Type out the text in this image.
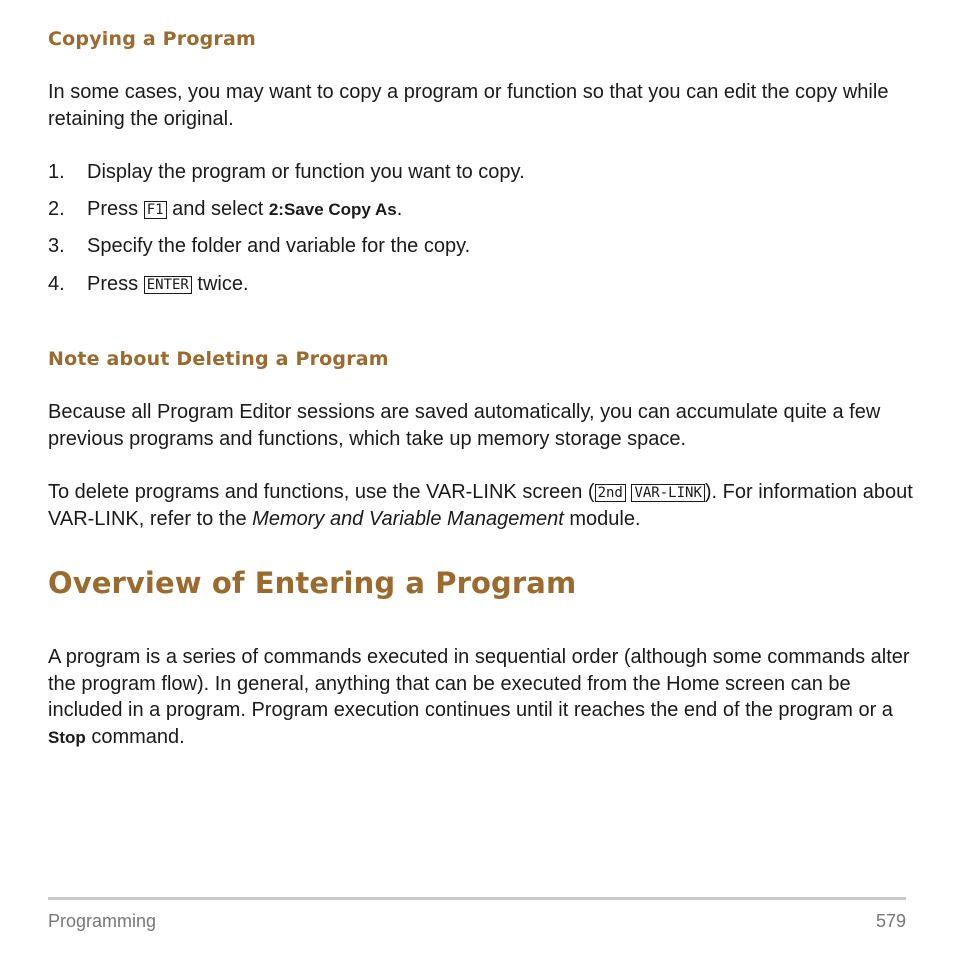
Copying a Program

In some cases, you may want to copy a program or function so that you can edit the copy while retaining the original.

1. Display the program or function you want to copy.
2. Press F1 and select 2:Save Copy As.
3. Specify the folder and variable for the copy.
4. Press ENTER twice.
Note about Deleting a Program

Because all Program Editor sessions are saved automatically, you can accumulate quite a few previous programs and functions, which take up memory storage space.

To delete programs and functions, use the VAR-LINK screen ( 2nd VAR-LINK ). For information about VAR-LINK, refer to the Memory and Variable Management module.

Overview of Entering a Program

A program is a series of commands executed in sequential order (although some commands alter the program flow). In general, anything that can be executed from the Home screen can be included in a program. Program execution continues until it reaches the end of the program or a Stop command.

Programming	579
